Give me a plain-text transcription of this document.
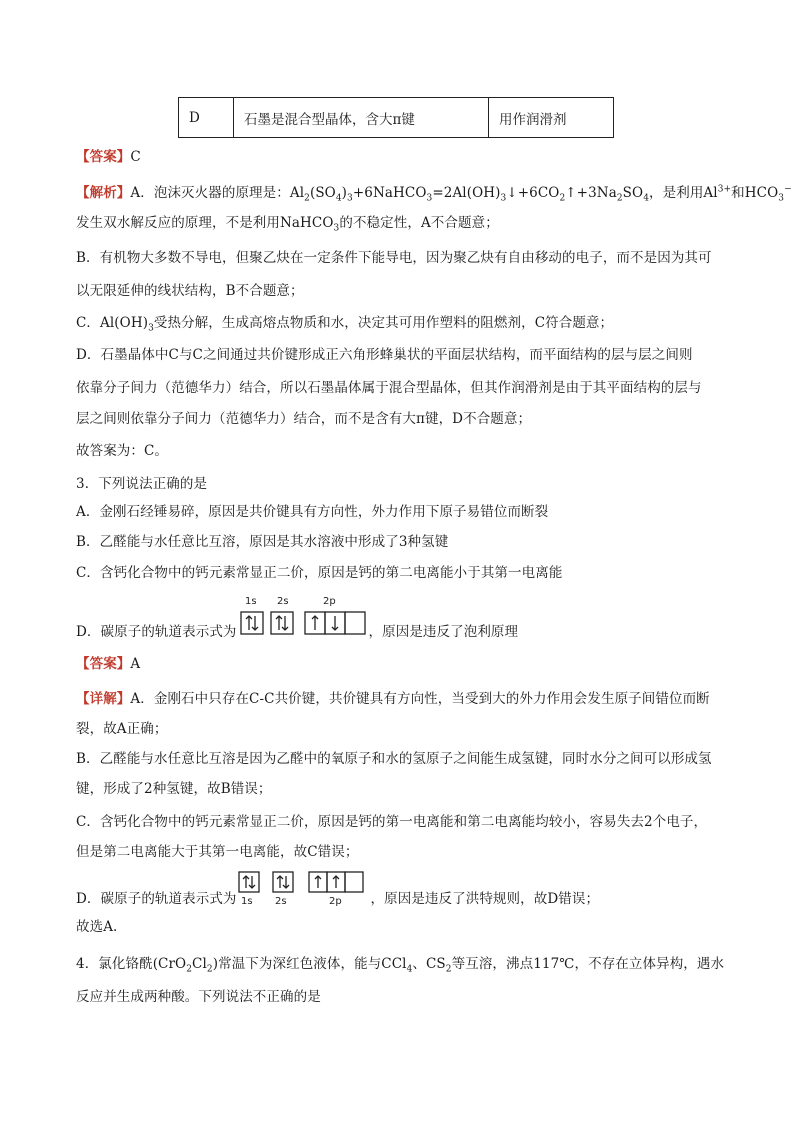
D	石墨是混合型晶体，含大π键	用作润滑剂
【答案】C
【解析】A．泡沫灭火器的原理是：$Al_2(SO_4)_3+6NaHCO_3=2Al(OH)_3↓+6CO_2↑+3Na_2SO_4$，是利用$Al^{3+}$和$HCO_3^-$
发生双水解反应的原理，不是利用NaHCO$_3$的不稳定性，A不合题意；
B．有机物大多数不导电，但聚乙炔在一定条件下能导电，因为聚乙炔有自由移动的电子，而不是因为其可
以无限延伸的线状结构，B不合题意；
C．$Al(OH)_3$受热分解，生成高熔点物质和水，决定其可用作塑料的阻燃剂，C符合题意；
D．石墨晶体中C与C之间通过共价键形成正六角形蜂巢状的平面层状结构，而平面结构的层与层之间则
依靠分子间力（范德华力）结合，所以石墨晶体属于混合型晶体，但其作润滑剂是由于其平面结构的层与
层之间则依靠分子间力（范德华力）结合，而不是含有大π键，D不合题意；
故答案为：C。
3．下列说法正确的是
A．金刚石经锤易碎，原因是共价键具有方向性，外力作用下原子易错位而断裂
B．乙醛能与水任意比互溶，原因是其水溶液中形成了3种氢键
C．含钙化合物中的钙元素常显正二价，原因是钙的第二电离能小于其第一电离能
D．碳原子的轨道表示式为	，原因是违反了泡利原理
1s 2s	2p
【答案】A
【详解】A．金刚石中只存在C-C共价键，共价键具有方向性，当受到大的外力作用会发生原子间错位而断
裂，故A正确；
B．乙醛能与水任意比互溶是因为乙醛中的氧原子和水的氢原子之间能生成氢键，同时水分之间可以形成氢
键，形成了2种氢键，故B错误；
C．含钙化合物中的钙元素常显正二价，原因是钙的第一电离能和第二电离能均较小，容易失去2个电子，
但是第二电离能大于其第一电离能，故C错误；
D．碳原子的轨道表示式为	，原因是违反了洪特规则，故D错误；
1s 2s	2p
故选A.
4．氯化铬酰$(CrO_2Cl_2)$常温下为深红色液体，能与CCl$_4$、$CS_2$等互溶，沸点117℃，不存在立体异构，遇水
反应并生成两种酸。下列说法不正确的是
